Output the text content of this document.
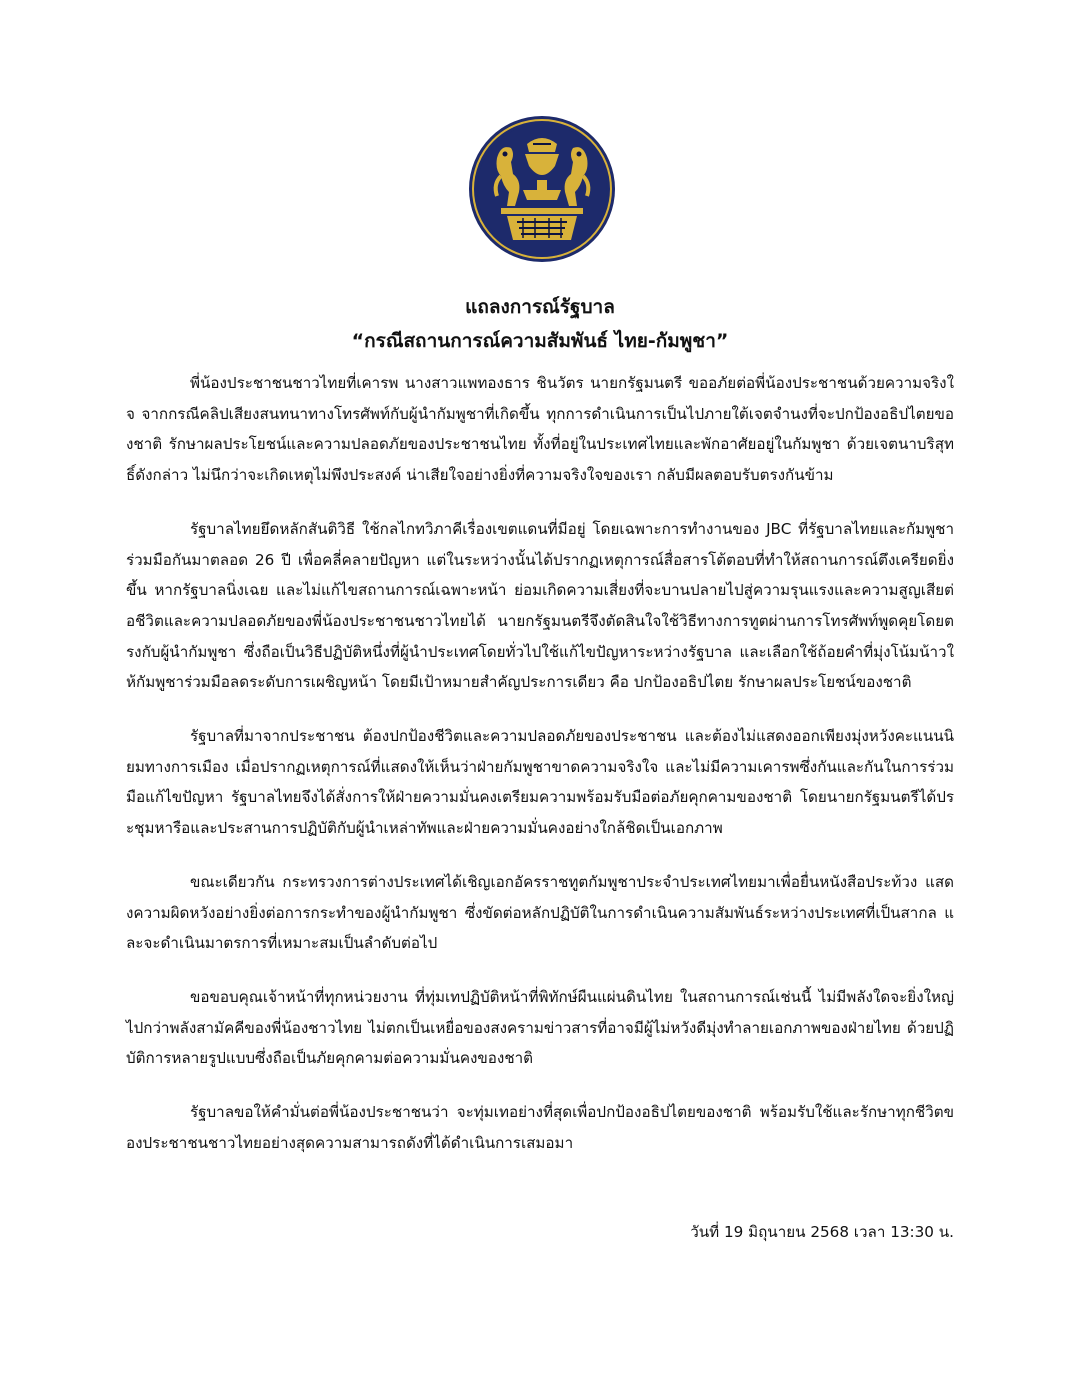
แถลงการณ์รัฐบาล

“กรณีสถานการณ์ความสัมพันธ์ ไทย-กัมพูชา”

พี่น้องประชาชนชาวไทยที่เคารพ นางสาวแพทองธาร ชินวัตร นายกรัฐมนตรี ขออภัยต่อพี่น้องประชาชนด้วยความจริงใจ จากกรณีคลิปเสียงสนทนาทางโทรศัพท์กับผู้นำกัมพูชาที่เกิดขึ้น ทุกการดำเนินการเป็นไปภายใต้เจตจำนงที่จะปกป้องอธิปไตยของชาติ รักษาผลประโยชน์และความปลอดภัยของประชาชนไทย ทั้งที่อยู่ในประเทศไทยและพักอาศัยอยู่ในกัมพูชา ด้วยเจตนาบริสุทธิ์ดังกล่าว ไม่นึกว่าจะเกิดเหตุไม่พึงประสงค์ น่าเสียใจอย่างยิ่งที่ความจริงใจของเรา กลับมีผลตอบรับตรงกันข้าม

รัฐบาลไทยยึดหลักสันติวิธี ใช้กลไกทวิภาคีเรื่องเขตแดนที่มีอยู่ โดยเฉพาะการทำงานของ JBC ที่รัฐบาลไทยและกัมพูชาร่วมมือกันมาตลอด 26 ปี เพื่อคลี่คลายปัญหา แต่ในระหว่างนั้นได้ปรากฏเหตุการณ์สื่อสารโต้ตอบที่ทำให้สถานการณ์ตึงเครียดยิ่งขึ้น หากรัฐบาลนิ่งเฉย และไม่แก้ไขสถานการณ์เฉพาะหน้า ย่อมเกิดความเสี่ยงที่จะบานปลายไปสู่ความรุนแรงและความสูญเสียต่อชีวิตและความปลอดภัยของพี่น้องประชาชนชาวไทยได้ นายกรัฐมนตรีจึงตัดสินใจใช้วิธีทางการทูตผ่านการโทรศัพท์พูดคุยโดยตรงกับผู้นำกัมพูชา ซึ่งถือเป็นวิธีปฏิบัติหนึ่งที่ผู้นำประเทศโดยทั่วไปใช้แก้ไขปัญหาระหว่างรัฐบาล และเลือกใช้ถ้อยคำที่มุ่งโน้มน้าวให้กัมพูชาร่วมมือลดระดับการเผชิญหน้า โดยมีเป้าหมายสำคัญประการเดียว คือ ปกป้องอธิปไตย รักษาผลประโยชน์ของชาติ

รัฐบาลที่มาจากประชาชน ต้องปกป้องชีวิตและความปลอดภัยของประชาชน และต้องไม่แสดงออกเพียงมุ่งหวังคะแนนนิยมทางการเมือง เมื่อปรากฏเหตุการณ์ที่แสดงให้เห็นว่าฝ่ายกัมพูชาขาดความจริงใจ และไม่มีความเคารพซึ่งกันและกันในการร่วมมือแก้ไขปัญหา รัฐบาลไทยจึงได้สั่งการให้ฝ่ายความมั่นคงเตรียมความพร้อมรับมือต่อภัยคุกคามของชาติ โดยนายกรัฐมนตรีได้ประชุมหารือและประสานการปฏิบัติกับผู้นำเหล่าทัพและฝ่ายความมั่นคงอย่างใกล้ชิดเป็นเอกภาพ

ขณะเดียวกัน กระทรวงการต่างประเทศได้เชิญเอกอัครราชทูตกัมพูชาประจำประเทศไทยมาเพื่อยื่นหนังสือประท้วง แสดงความผิดหวังอย่างยิ่งต่อการกระทำของผู้นำกัมพูชา ซึ่งขัดต่อหลักปฏิบัติในการดำเนินความสัมพันธ์ระหว่างประเทศที่เป็นสากล และจะดำเนินมาตรการที่เหมาะสมเป็นลำดับต่อไป

ขอขอบคุณเจ้าหน้าที่ทุกหน่วยงาน ที่ทุ่มเทปฏิบัติหน้าที่พิทักษ์ผืนแผ่นดินไทย ในสถานการณ์เช่นนี้ ไม่มีพลังใดจะยิ่งใหญ่ไปกว่าพลังสามัคคีของพี่น้องชาวไทย ไม่ตกเป็นเหยื่อของสงครามข่าวสารที่อาจมีผู้ไม่หวังดีมุ่งทำลายเอกภาพของฝ่ายไทย ด้วยปฏิบัติการหลายรูปแบบซึ่งถือเป็นภัยคุกคามต่อความมั่นคงของชาติ

รัฐบาลขอให้คำมั่นต่อพี่น้องประชาชนว่า จะทุ่มเทอย่างที่สุดเพื่อปกป้องอธิปไตยของชาติ พร้อมรับใช้และรักษาทุกชีวิตของประชาชนชาวไทยอย่างสุดความสามารถดังที่ได้ดำเนินการเสมอมา

วันที่ 19 มิถุนายน 2568 เวลา 13:30 น.
